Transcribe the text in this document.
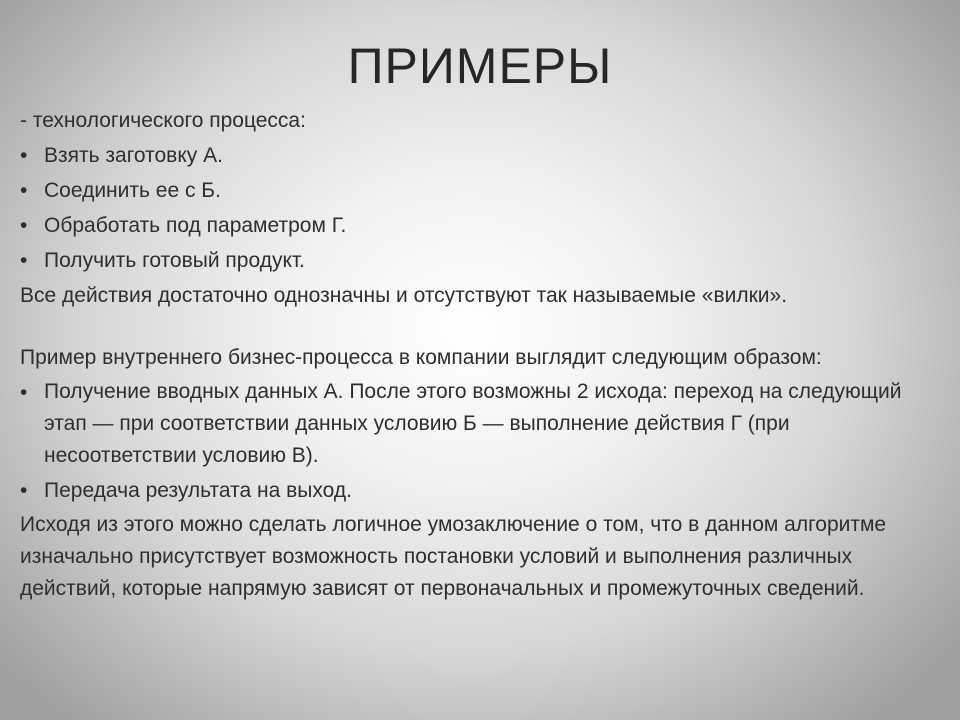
ПРИМЕРЫ

- технологического процесса:

• Взять заготовку А.
• Соединить ее с Б.
• Обработать под параметром Г.
• Получить готовый продукт.

Все действия достаточно однозначны и отсутствуют так называемые «вилки».

Пример внутреннего бизнес-процесса в компании выглядит следующим образом:

• Получение вводных данных А. После этого возможны 2 исхода: переход на следующий этап — при соответствии данных условию Б — выполнение действия Г (при несоответствии условию В).
• Передача результата на выход.

Исходя из этого можно сделать логичное умозаключение о том, что в данном алгоритме изначально присутствует возможность постановки условий и выполнения различных действий, которые напрямую зависят от первоначальных и промежуточных сведений.
